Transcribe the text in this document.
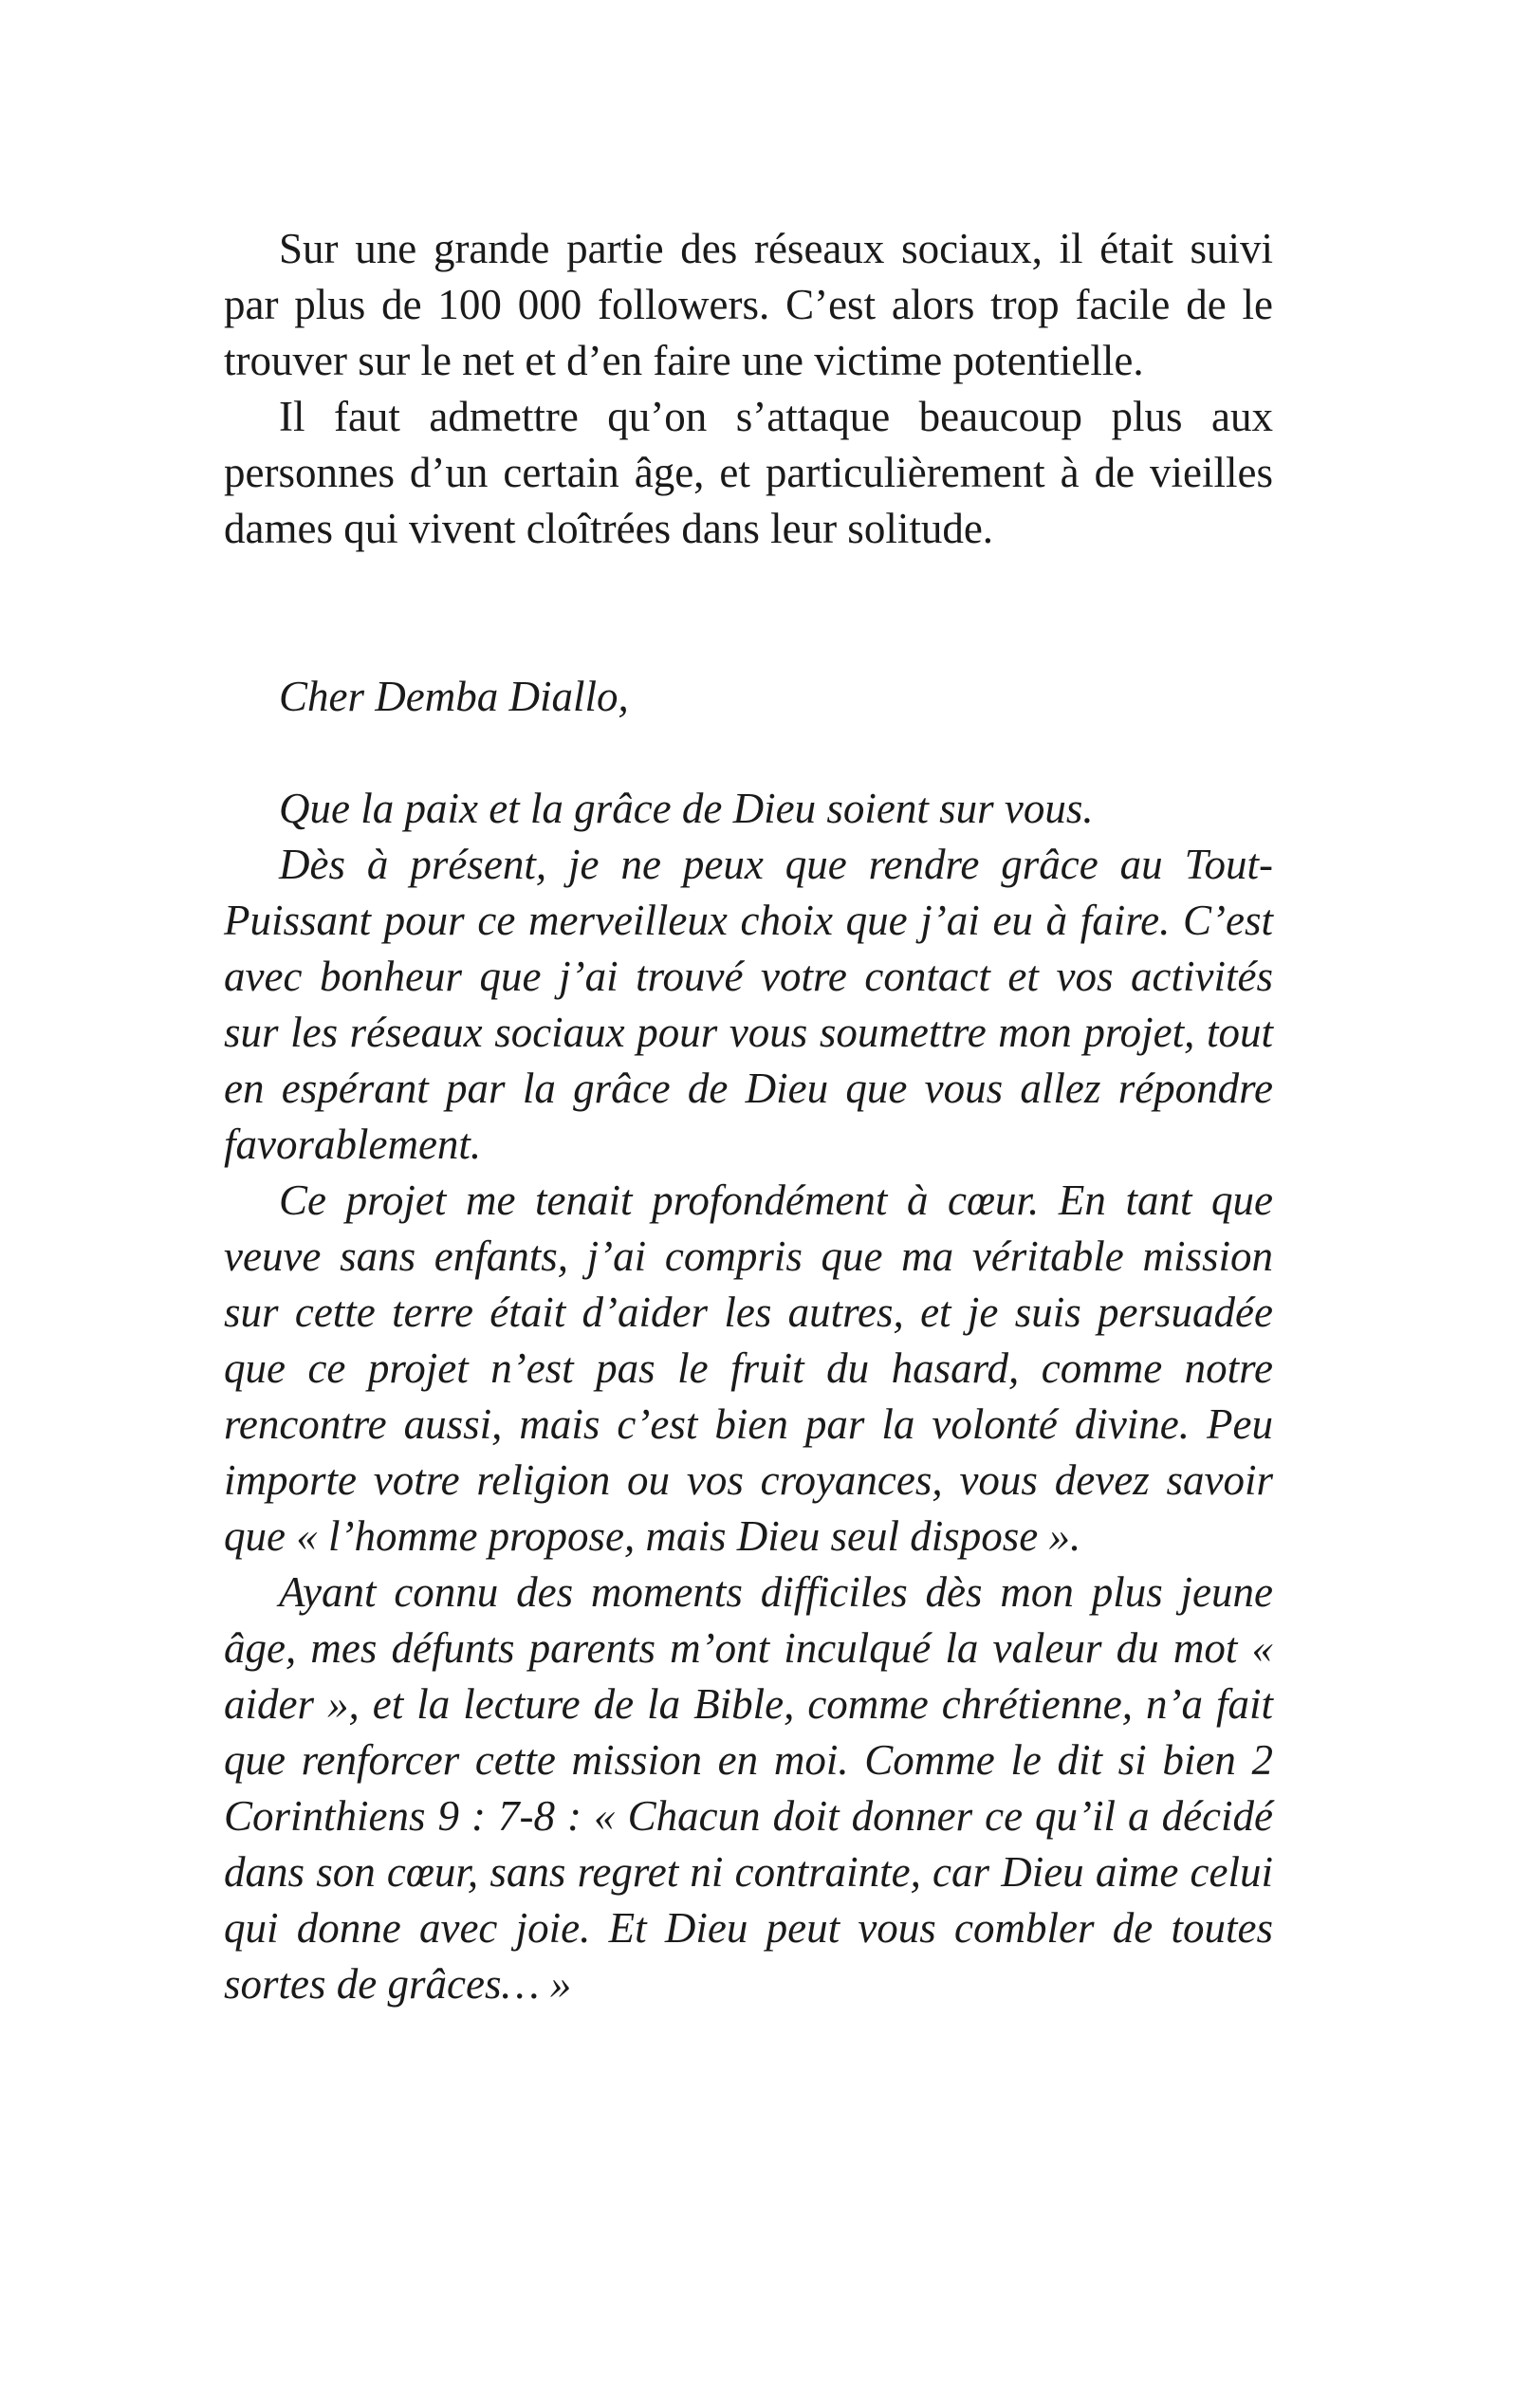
Sur une grande partie des réseaux sociaux, il était suivi par plus de 100 000 followers. C’est alors trop facile de le trouver sur le net et d’en faire une victime potentielle.

Il faut admettre qu’on s’attaque beaucoup plus aux personnes d’un certain âge, et particulièrement à de vieilles dames qui vivent cloîtrées dans leur solitude.

Cher Demba Diallo,

Que la paix et la grâce de Dieu soient sur vous.

Dès à présent, je ne peux que rendre grâce au Tout-Puissant pour ce merveilleux choix que j’ai eu à faire. C’est avec bonheur que j’ai trouvé votre contact et vos activités sur les réseaux sociaux pour vous soumettre mon projet, tout en espérant par la grâce de Dieu que vous allez répondre favorablement.

Ce projet me tenait profondément à cœur. En tant que veuve sans enfants, j’ai compris que ma véritable mission sur cette terre était d’aider les autres, et je suis persuadée que ce projet n’est pas le fruit du hasard, comme notre rencontre aussi, mais c’est bien par la volonté divine. Peu importe votre religion ou vos croyances, vous devez savoir que « l’homme propose, mais Dieu seul dispose ».

Ayant connu des moments difficiles dès mon plus jeune âge, mes défunts parents m’ont inculqué la valeur du mot « aider », et la lecture de la Bible, comme chrétienne, n’a fait que renforcer cette mission en moi. Comme le dit si bien 2 Corinthiens 9 : 7-8 : « Chacun doit donner ce qu’il a décidé dans son cœur, sans regret ni contrainte, car Dieu aime celui qui donne avec joie. Et Dieu peut vous combler de toutes sortes de grâces… »
